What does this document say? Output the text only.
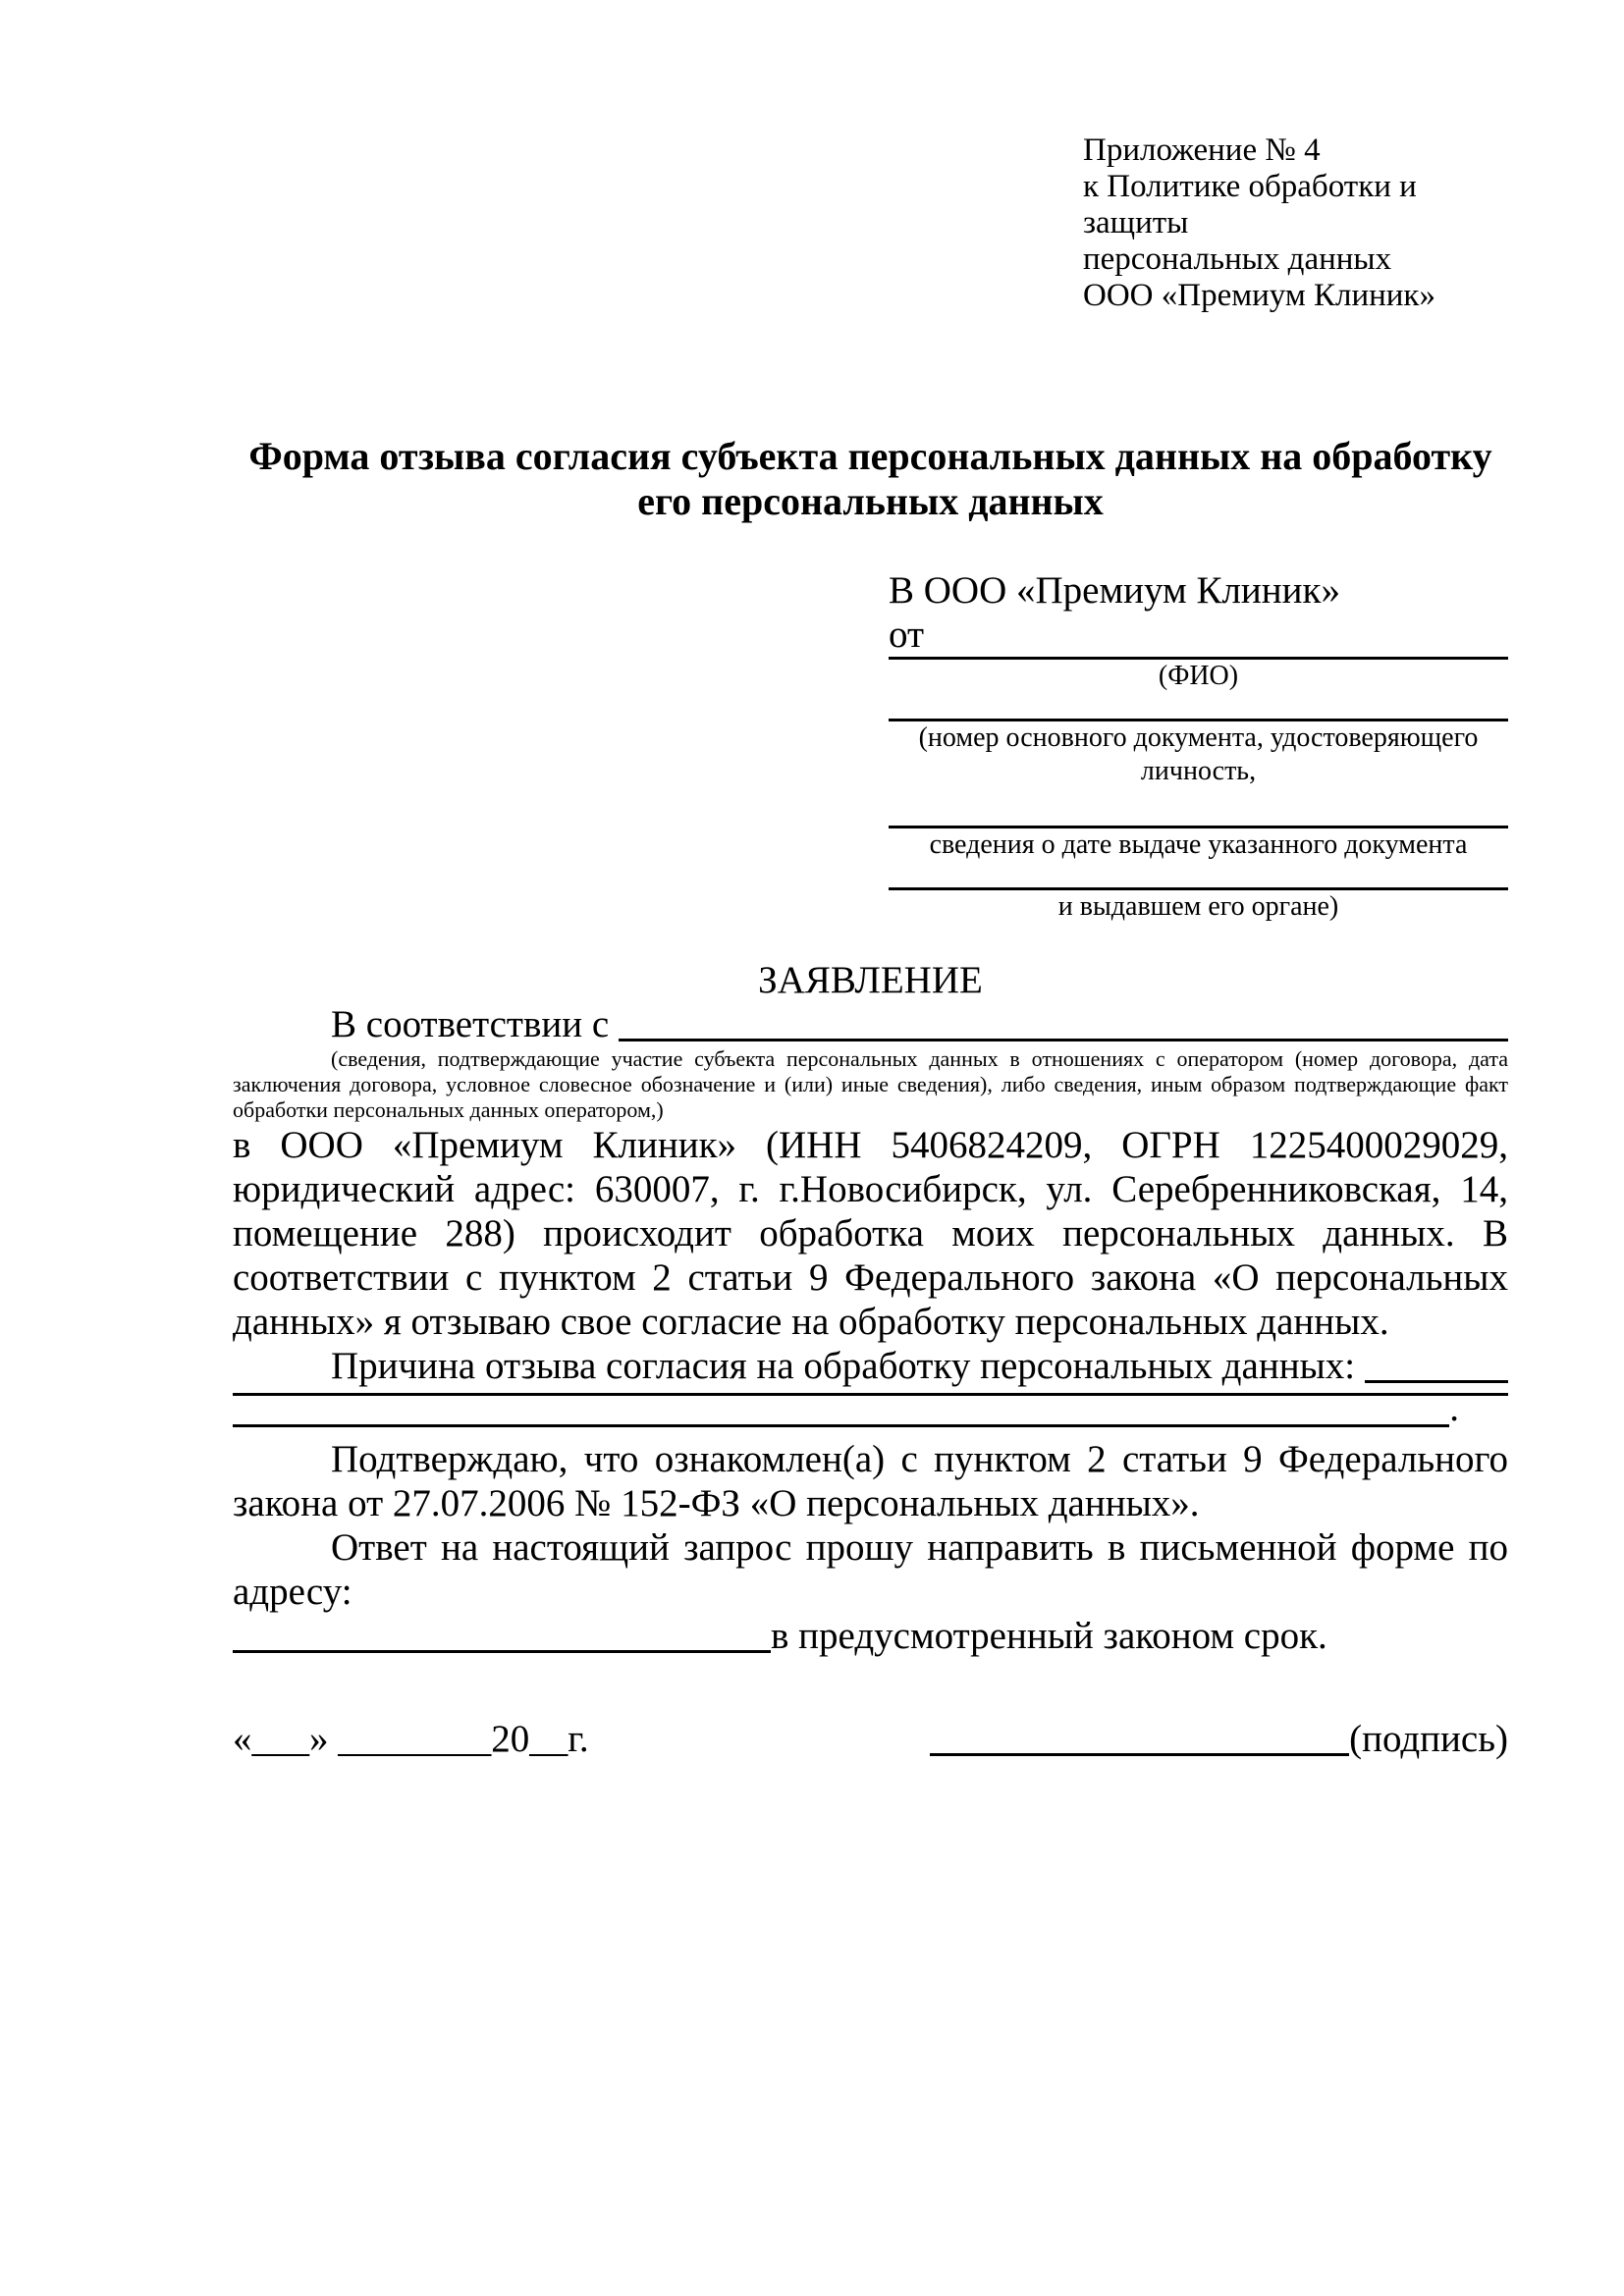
Приложение № 4
к Политике обработки и защиты
персональных данных
ООО «Премиум Клиник»
Форма отзыва согласия субъекта персональных данных на обработку его персональных данных
В ООО «Премиум Клиник»
от
(ФИО)
(номер основного документа, удостоверяющего личность,
сведения о дате выдаче указанного документа
и выдавшем его органе)
ЗАЯВЛЕНИЕ
В соответствии с

(сведения, подтверждающие участие субъекта персональных данных в отношениях с оператором (номер договора, дата заключения договора, условное словесное обозначение и (или) иные сведения), либо сведения, иным образом подтверждающие факт обработки персональных данных оператором,)
в ООО «Премиум Клиник» (ИНН 5406824209, ОГРН 1225400029029, юридический адрес: 630007, г. г.Новосибирск, ул. Серебренниковская, 14, помещение 288) происходит обработка моих персональных данных. В соответствии с пунктом 2 статьи 9 Федерального закона «О персональных данных» я отзываю свое согласие на обработку персональных данных.
Причина отзыва согласия на обработку персональных данных:

.
Подтверждаю, что ознакомлен(а) с пунктом 2 статьи 9 Федерального закона от 27.07.2006 № 152-ФЗ «О персональных данных».
Ответ на настоящий запрос прошу направить в письменной форме по адресу:
в предусмотренный законом срок.
«___» ________20__г.	(подпись)
